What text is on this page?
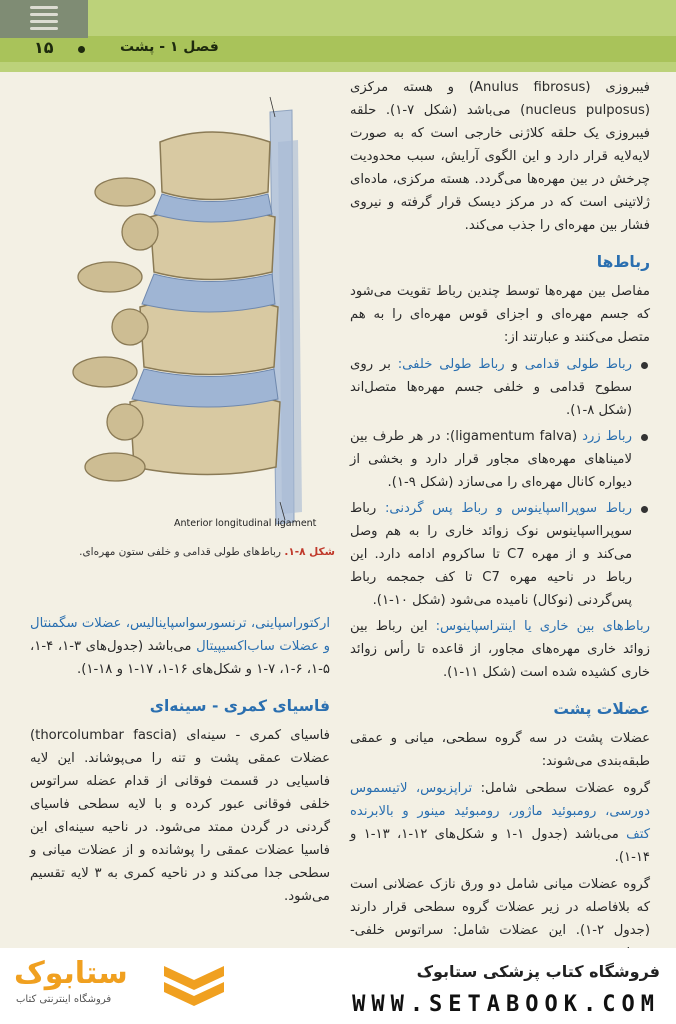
۱۵	فصل ۱ - پشت
Anterior longitudinal ligament
شکل ۸-۱. رباط‌های طولی قدامی و خلفی ستون مهره‌ای.

فیبروزی (Anulus fibrosus) و هسته مرکزی (nucleus pulposus) می‌باشد (شکل ۷-۱). حلقه فیبروزی یک حلقه کلاژنی خارجی است که به صورت لایه‌لایه قرار دارد و این الگوی آرایش، سبب محدودیت چرخش در بین مهره‌ها می‌گردد. هسته مرکزی، ماده‌ای ژلاتینی است که در مرکز دیسک قرار گرفته و نیروی فشار بین مهره‌ای را جذب می‌کند.

رباط‌ها

مفاصل بین مهره‌ها توسط چندین رباط تقویت می‌شود که جسم مهره‌ای و اجزای قوس مهره‌ای را به هم متصل می‌کنند و عبارتند از:

رباط طولی قدامی و رباط طولی خلفی: بر روی سطوح قدامی و خلفی جسم مهره‌ها متصل‌اند (شکل ۸-۱).
رباط زرد (ligamentum falva): در هر طرف بین لامیناهای مهره‌های مجاور قرار دارد و بخشی از دیواره کانال مهره‌ای را می‌سازد (شکل ۹-۱).
رباط سوپرااسپاینوس و رباط پس گردنی: رباط سوپرااسپاینوس نوک زوائد خاری را به هم وصل می‌کند و از مهره C7 تا ساکروم ادامه دارد. این رباط در ناحیه مهره C7 تا کف جمجمه رباط پس‌گردنی (نوکال) نامیده می‌شود (شکل ۱۰-۱).

رباط‌های بین خاری یا اینتراسپاینوس: این رباط بین زوائد خاری مهره‌های مجاور، از قاعده تا رأس زوائد خاری کشیده شده است (شکل ۱۱-۱).

عضلات پشت

عضلات پشت در سه گروه سطحی، میانی و عمقی طبقه‌بندی می‌شوند:

گروه عضلات سطحی شامل: تراپزیوس، لاتیسموس دورسی، رومبوئید ماژور، رومبوئید مینور و بالابرنده کتف می‌باشد (جدول ۱-۱ و شکل‌های ۱۲-۱، ۱۳-۱ و ۱۴-۱).

گروه عضلات میانی شامل دو ورق نازک عضلانی است که بلافاصله در زیر عضلات گروه سطحی قرار دارند (جدول ۲-۱). این عضلات شامل: سراتوس خلفی-

ارکتوراسپاینی، ترنسورسواسپاینالیس، عضلات سگمنتال و عضلات ساب‌اکسیپیتال می‌باشد (جدول‌های ۳-۱، ۴-۱، ۵-۱، ۶-۱، ۷-۱ و شکل‌های ۱۶-۱، ۱۷-۱ و ۱۸-۱).

فاسیای کمری - سینه‌ای

فاسیای کمری - سینه‌ای (thorcolumbar fascia) عضلات عمقی پشت و تنه را می‌پوشاند. این لایه فاسیایی در قسمت فوقانی از قدام عضله سراتوس خلفی فوقانی عبور کرده و با لایه سطحی فاسیای گردنی در گردن ممتد می‌شود. در ناحیه سینه‌ای این فاسیا عضلات عمقی را پوشانده و از عضلات میانی و سطحی جدا می‌کند و در ناحیه کمری به ۳ لایه تقسیم می‌شود.

ستابوک
فروشگاه اینترنتی کتاب
فروشگاه کتاب پزشکی ستابوک
WWW.SETABOOK.COM
